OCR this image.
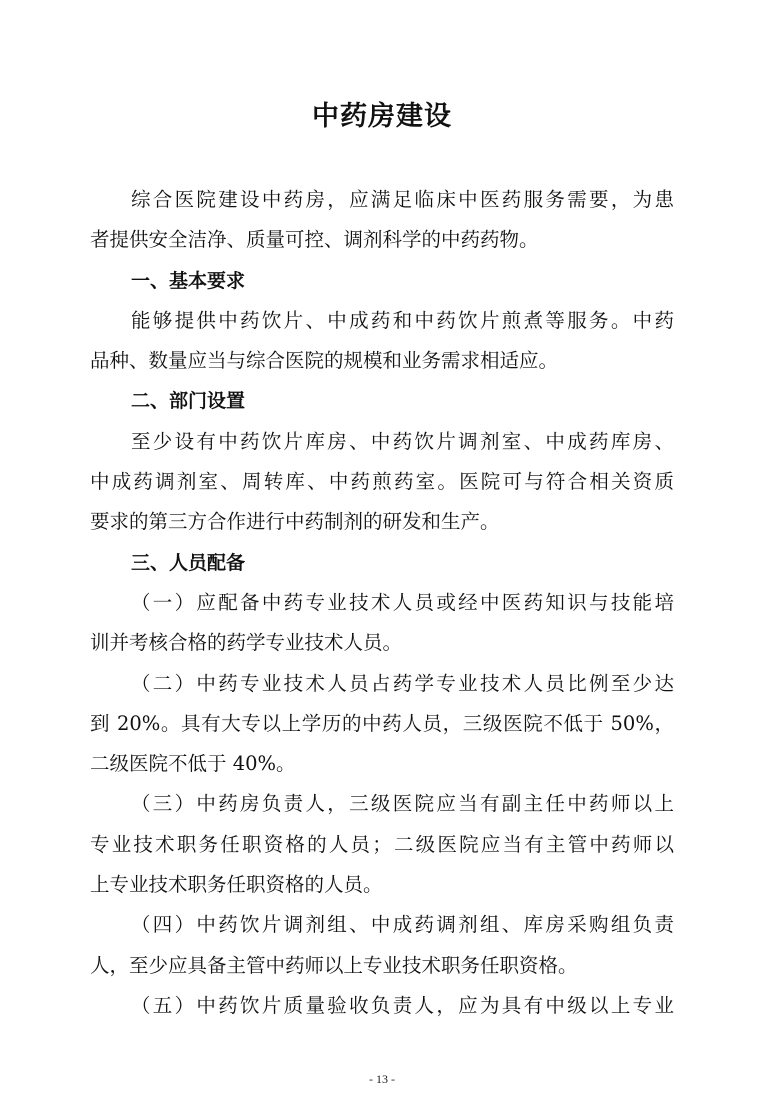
中药房建设
综合医院建设中药房，应满足临床中医药服务需要，为患
者提供安全洁净、质量可控、调剂科学的中药药物。
一、基本要求
能够提供中药饮片、中成药和中药饮片煎煮等服务。中药
品种、数量应当与综合医院的规模和业务需求相适应。
二、部门设置
至少设有中药饮片库房、中药饮片调剂室、中成药库房、
中成药调剂室、周转库、中药煎药室。医院可与符合相关资质
要求的第三方合作进行中药制剂的研发和生产。
三、人员配备
（一）应配备中药专业技术人员或经中医药知识与技能培
训并考核合格的药学专业技术人员。
（二）中药专业技术人员占药学专业技术人员比例至少达
到 20%。具有大专以上学历的中药人员，三级医院不低于 50%，
二级医院不低于 40%。
（三）中药房负责人，三级医院应当有副主任中药师以上
专业技术职务任职资格的人员；二级医院应当有主管中药师以
上专业技术职务任职资格的人员。
（四）中药饮片调剂组、中成药调剂组、库房采购组负责
人，至少应具备主管中药师以上专业技术职务任职资格。
（五）中药饮片质量验收负责人，应为具有中级以上专业
- 13 -
